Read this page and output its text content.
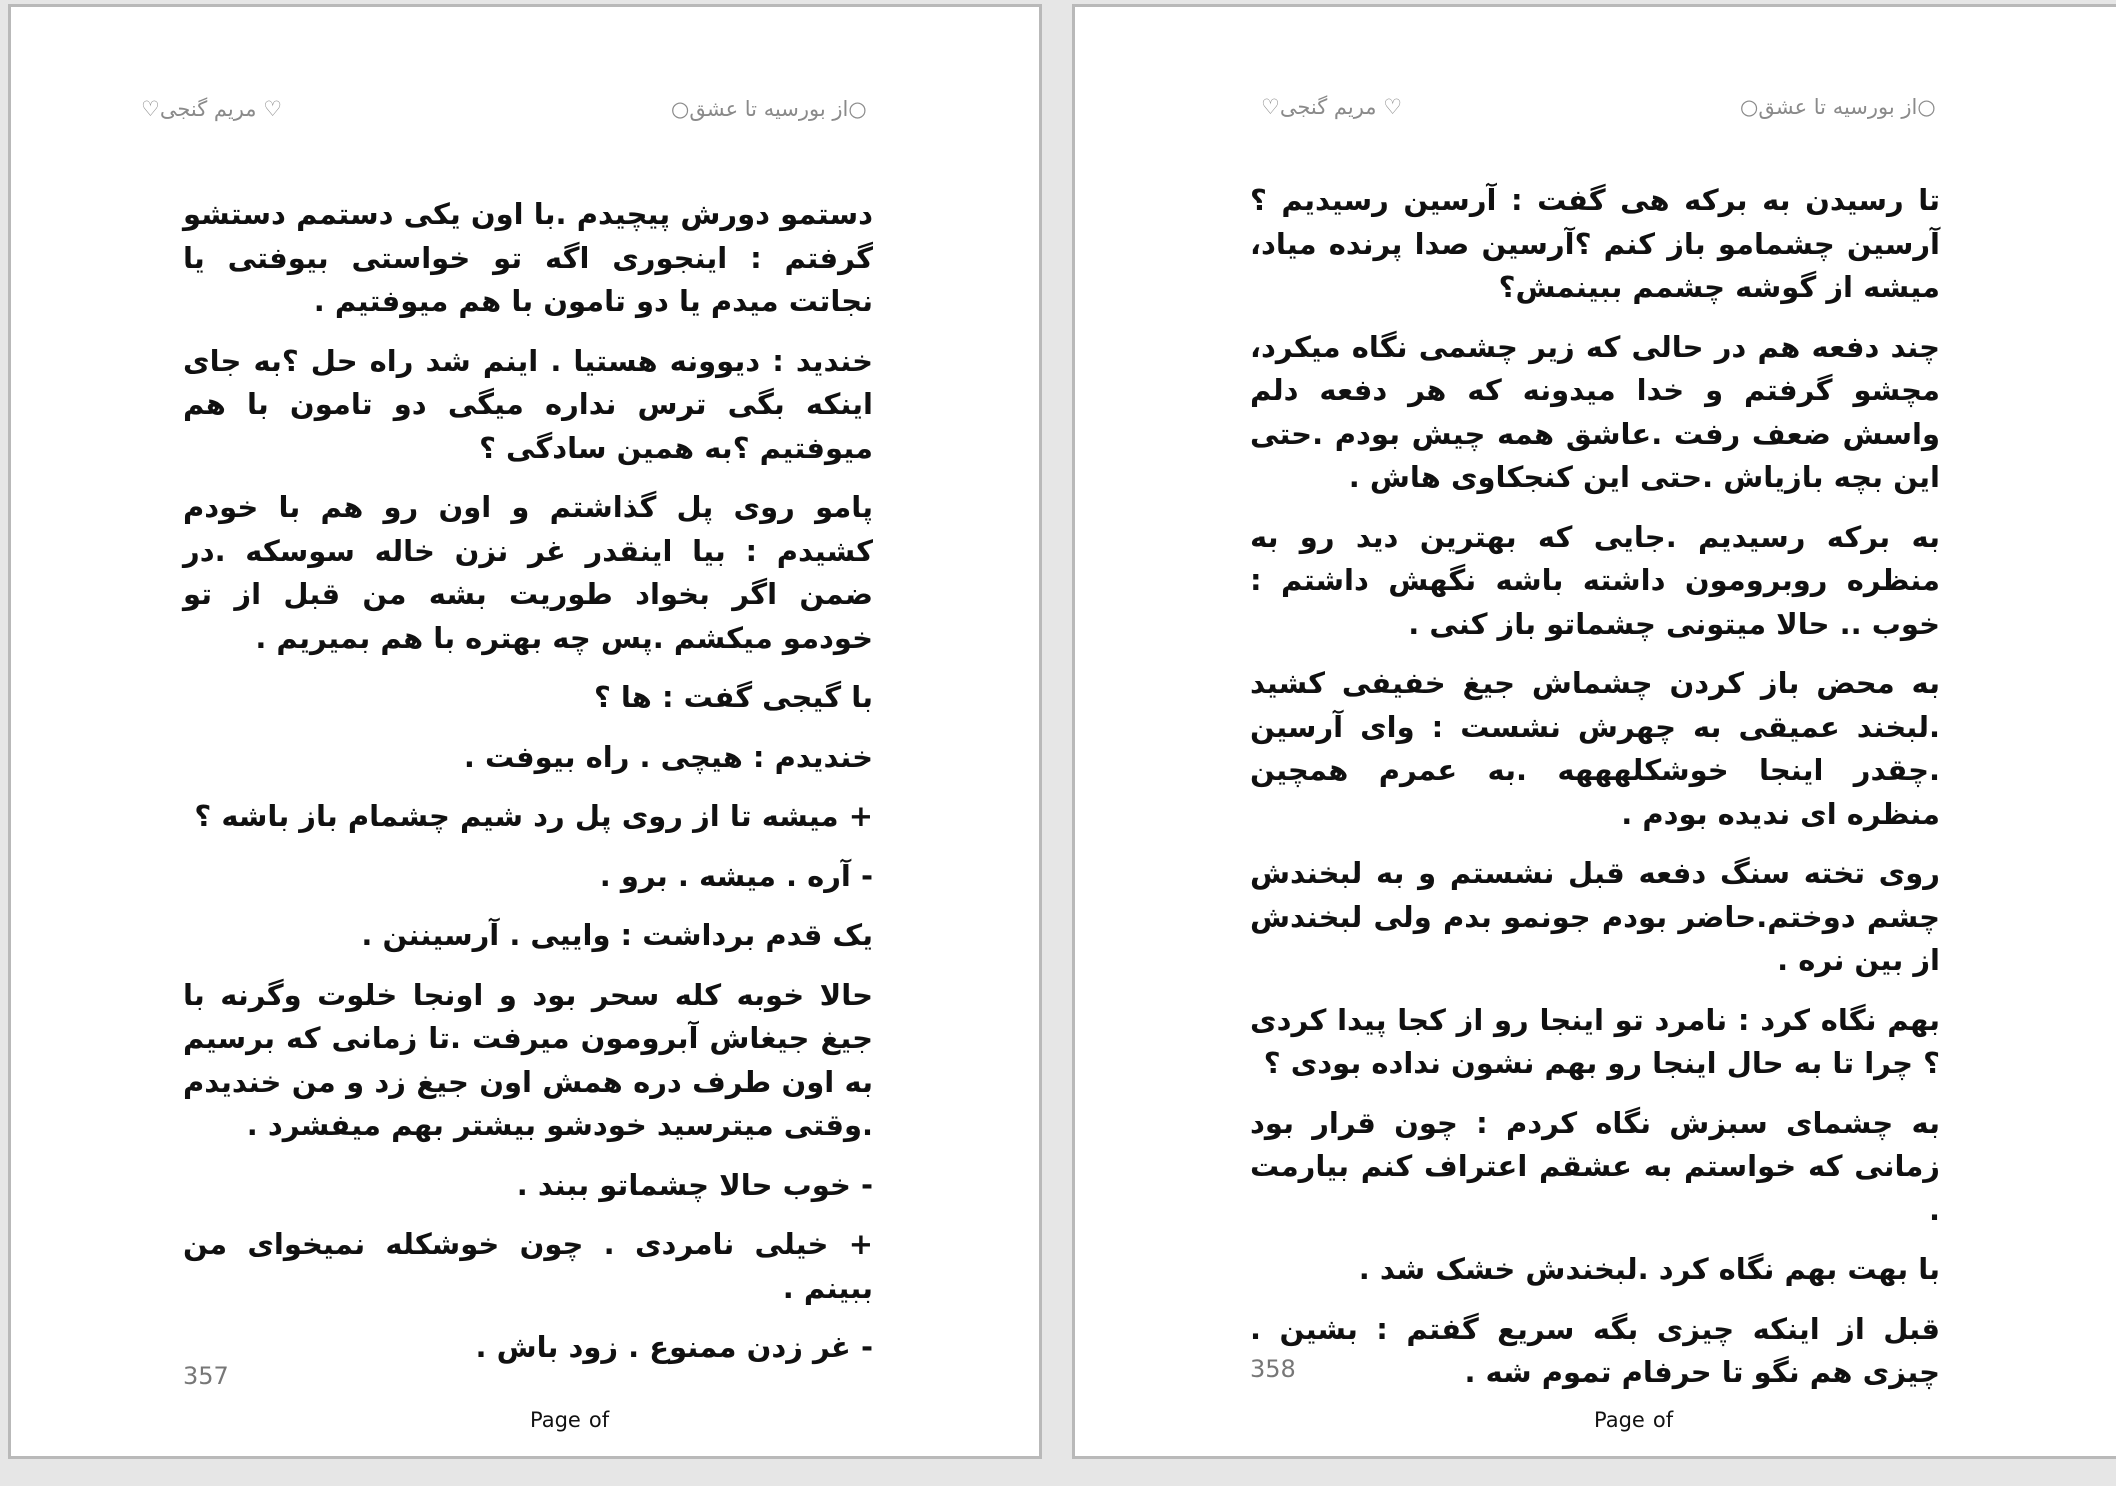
♡ مریم گنجی♡	○از بورسیه تا عشق○

دستمو دورش پیچیدم .با اون یکی دستمم دستشو گرفتم : اینجوری اگه تو خواستی بیوفتی یا نجاتت میدم یا دو تامون با هم میوفتیم .

خندید : دیوونه هستیا . اینم شد راه حل ؟به جای اینکه بگی ترس نداره میگی دو تامون با هم میوفتیم ؟به همین سادگی ؟

پامو روی پل گذاشتم و اون رو هم با خودم کشیدم : بیا اینقدر غر نزن خاله سوسکه .در ضمن اگر بخواد طوریت بشه من قبل از تو خودمو میکشم .پس چه بهتره با هم بمیریم .

با گیجی گفت : ها ؟

خندیدم : هیچی . راه بیوفت .

+ میشه تا از روی پل رد شیم چشمام باز باشه ؟

- آره . میشه . برو .

یک قدم برداشت : واییی . آرسیننن .

حالا خوبه کله سحر بود و اونجا خلوت وگرنه با جیغ جیغاش آبرومون میرفت .تا زمانی که برسیم به اون طرف دره همش اون جیغ زد و من خندیدم .وقتی میترسید خودشو بیشتر بهم میفشرد .

- خوب حالا چشماتو ببند .

+ خیلی نامردی . چون خوشکله نمیخوای من ببینم .

- غر زدن ممنوع . زود باش .

357
Page of
♡ مریم گنجی♡	○از بورسیه تا عشق○

تا رسیدن به برکه هی گفت : آرسین رسیدیم ؟آرسین چشمامو باز کنم ؟آرسین صدا پرنده میاد، میشه از گوشه چشمم ببینمش؟

چند دفعه هم در حالی که زیر چشمی نگاه میکرد، مچشو گرفتم و خدا میدونه که هر دفعه دلم واسش ضعف رفت .عاشق همه چیش بودم .حتی این بچه بازیاش .حتی این کنجکاوی هاش .

به برکه رسیدیم .جایی که بهترین دید رو به منظره روبرومون داشته باشه نگهش داشتم : خوب .. حالا میتونی چشماتو باز کنی .

به محض باز کردن چشماش جیغ خفیفی کشید .لبخند عمیقی به چهرش نشست : وای آرسین .چقدر اینجا خوشکلهههه .به عمرم همچین منظره ای ندیده بودم .

روی تخته سنگ دفعه قبل نشستم و به لبخندش چشم دوختم.حاضر بودم جونمو بدم ولی لبخندش از بین نره .

بهم نگاه کرد : نامرد تو اینجا رو از کجا پیدا کردی ؟ چرا تا به حال اینجا رو بهم نشون نداده بودی ؟

به چشمای سبزش نگاه کردم : چون قرار بود زمانی که خواستم به عشقم اعتراف کنم بیارمت .

با بهت بهم نگاه کرد .لبخندش خشک شد .

قبل از اینکه چیزی بگه سریع گفتم : بشین . چیزی هم نگو تا حرفام تموم شه .

358
Page of
